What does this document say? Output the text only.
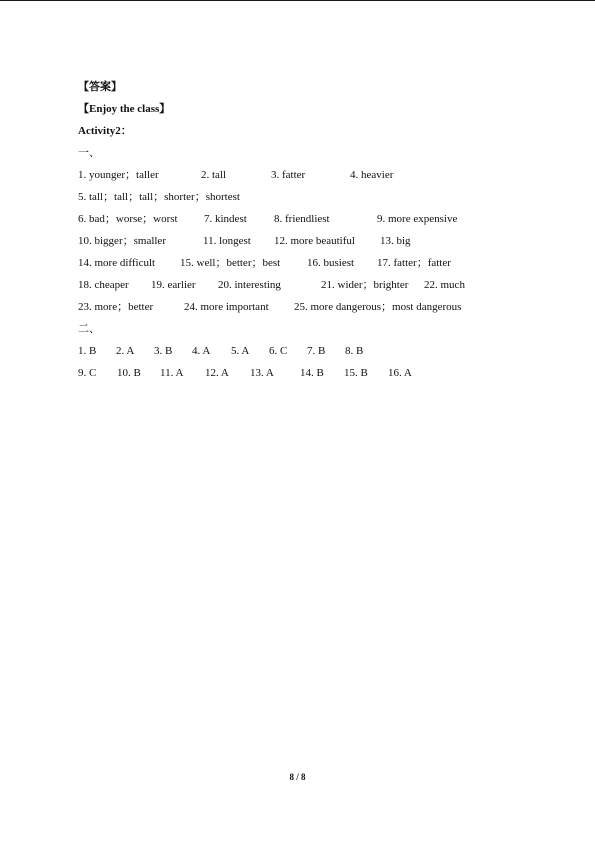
【答案】
【Enjoy the class】
Activity2：
一、
1. younger；taller	2. tall	3. fatter	4. heavier
5. tall；tall；tall；shorter；shortest
6. bad；worse；worst 7. kindest 8. friendliest	9. more expensive
10. bigger；smaller	11. longest 12. more beautiful 13. big
14. more difficult 15. well；better；best 16. busiest 17. fatter；fatter
18. cheaper 19. earlier 20. interesting	21. wider；brighter 22. much
23. more；better	24. more important 25. more dangerous；most dangerous
二、
1. B 2. A 3. B 4. A 5. A 6. C 7. B 8. B
9. C 10. B 11. A 12. A 13. A 14. B 15. B 16. A
8 / 8
